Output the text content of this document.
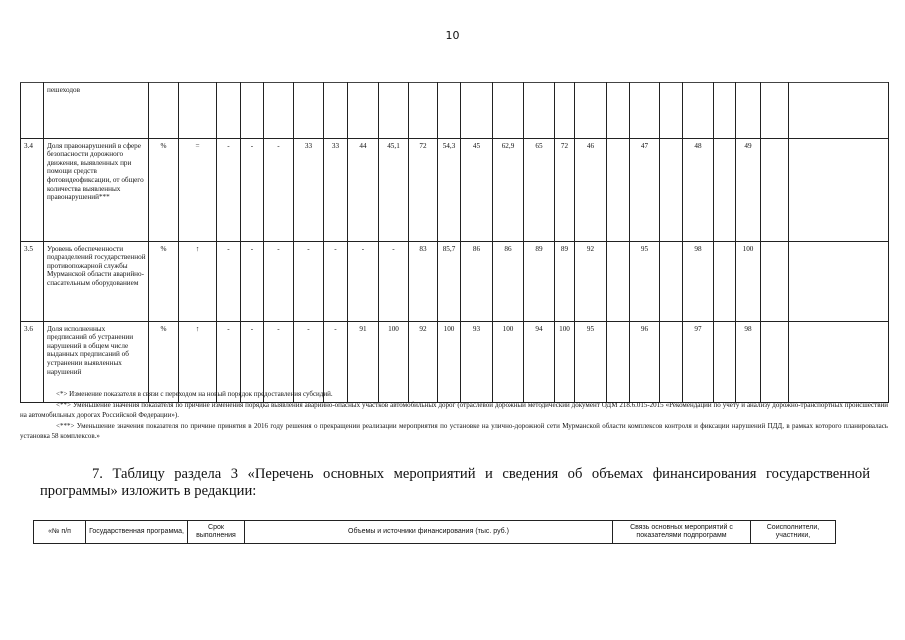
10
	пешеходов																									
3.4	Доля правонарушений в сфере безопасности дорожного движения, выявленных при помощи средств фотовидеофиксации, от общего количества выявленных правонарушений***	%	=	-	-	-	33	33	44	45,1	72	54,3	45	62,9	65	72	46		47		48		49			
3.5	Уровень обеспеченности подразделений государственной противопожарной службы Мурманской области аварийно-спасательным оборудованием	%	↑	-	-	-	-	-	-	-	83	85,7	86	86	89	89	92		95		98		100			
3.6	Доля исполненных предписаний об устранении нарушений в общем числе выданных предписаний об устранении выявленных нарушений	%	↑	-	-	-	-	-	91	100	92	100	93	100	94	100	95		96		97		98			

<*> Изменение показателя в связи с переходом на новый порядок предоставления субсидий.

<**> Уменьшение значения показателя по причине изменения порядка выявления аварийно-опасных участков автомобильных дорог (отраслевой дорожный методический документ ОДМ 218.6.015-2015 «Рекомендации по учёту и анализу дорожно-транспортных происшествий на автомобильных дорогах Российской Федерации»).

<***> Уменьшение значения показателя по причине принятия в 2016 году решения о прекращении реализации мероприятия по установке на улично-дорожной сети Мурманской области комплексов контроля и фиксации нарушений ПДД, в рамках которого планировалась установка 58 комплексов.»

7. Таблицу раздела 3 «Перечень основных мероприятий и сведения об объемах финансирования государственной программы» изложить в редакции:

«№ п/п	Государственная программа,	Срок выполнения	Объемы и источники финансирования (тыс. руб.)	Связь основных мероприятий с показателями подпрограмм	Соисполнители, участники,
